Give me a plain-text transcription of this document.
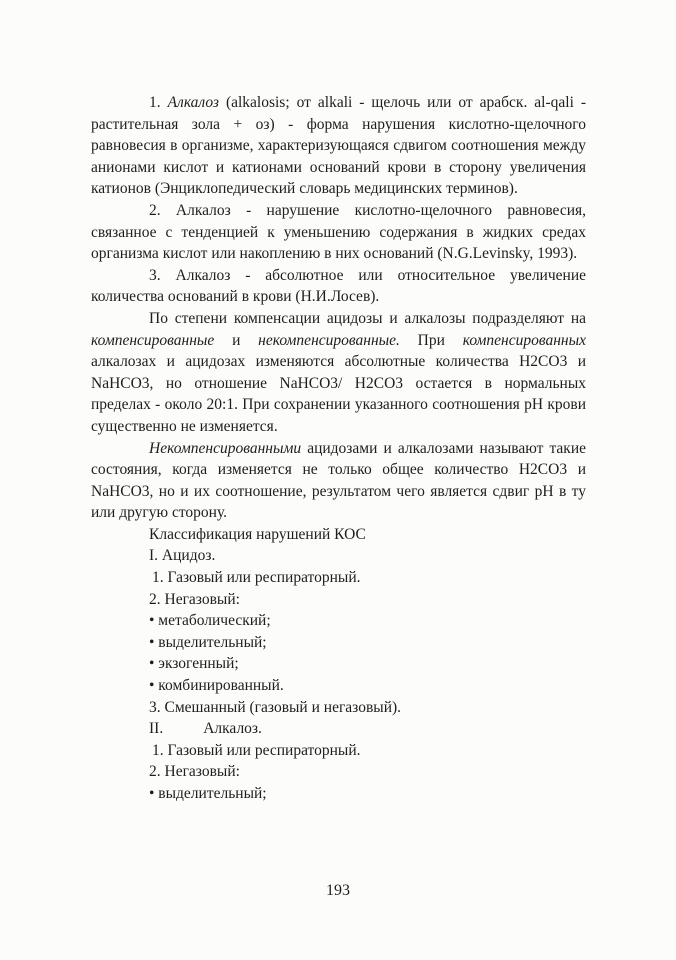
1. Алкалоз (alkalosis; от alkali - щелочь или от арабск. al-qali - растительная зола + оз) - форма нарушения кислотно-щелочного равновесия в организме, характеризующаяся сдвигом соотношения между анионами кислот и катионами оснований крови в сторону увеличения катионов (Энциклопедический словарь медицинских терминов).

2. Алкалоз - нарушение кислотно-щелочного равновесия, связанное с тенденцией к уменьшению содержания в жидких средах организма кислот или накоплению в них оснований (N.G.Levinsky, 1993).

3. Алкалоз - абсолютное или относительное увеличение количества оснований в крови (Н.И.Лосев).

По степени компенсации ацидозы и алкалозы подразделяют на компенсированные и некомпенсированные. При компенсированных алкалозах и ацидозах изменяются абсолютные количества H2CO3 и NaHCO3, но отношение NaHCO3/ H2CO3 остается в нормальных пределах - около 20:1. При сохранении указанного соотношения рН крови существенно не изменяется.

Некомпенсированными ацидозами и алкалозами называют такие состояния, когда изменяется не только общее количество H2CO3 и NaHCO3, но и их соотношение, результатом чего является сдвиг рН в ту или другую сторону.

Классификация нарушений КОС
I. Ацидоз.
1. Газовый или респираторный.
2. Негазовый:
• метаболический;
• выделительный;
• экзогенный;
• комбинированный.
3. Смешанный (газовый и негазовый).
II.	Алкалоз.
1. Газовый или респираторный.
2. Негазовый:
• выделительный;
193
